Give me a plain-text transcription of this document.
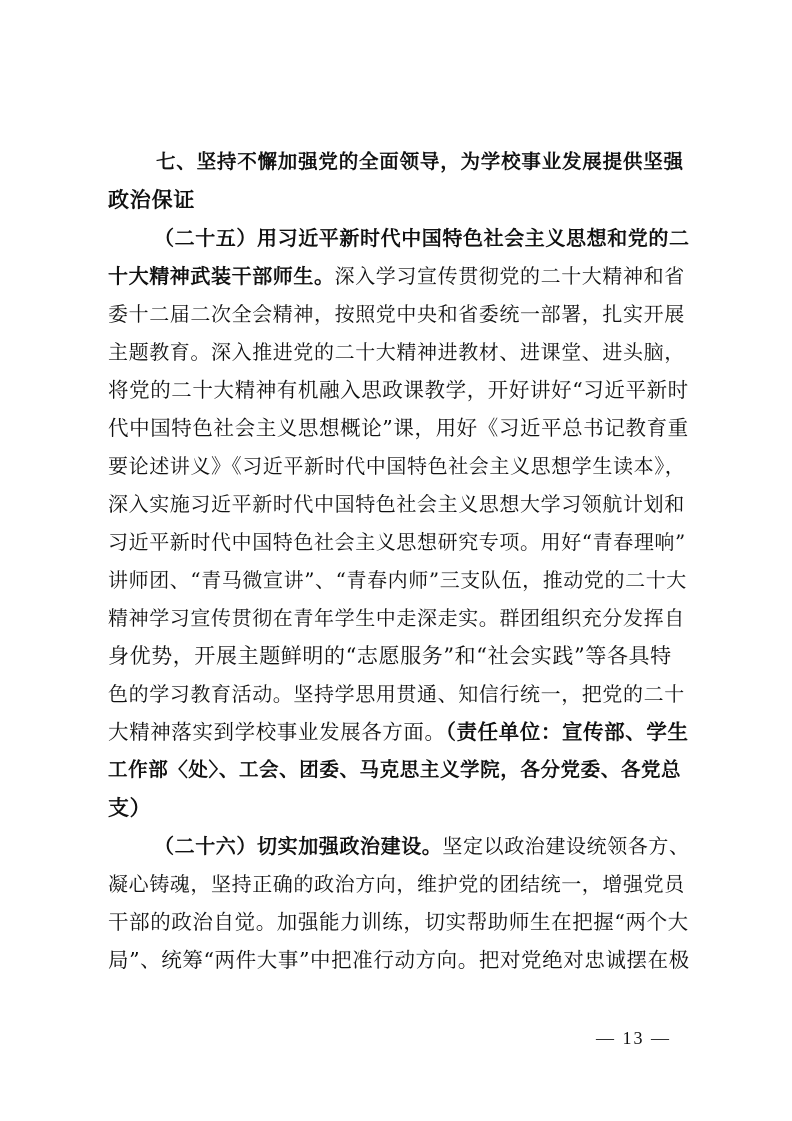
七、坚持不懈加强党的全面领导，为学校事业发展提供坚强
政治保证
（二十五）用习近平新时代中国特色社会主义思想和党的二
十大精神武装干部师生。深入学习宣传贯彻党的二十大精神和省
委十二届二次全会精神，按照党中央和省委统一部署，扎实开展
主题教育。深入推进党的二十大精神进教材、进课堂、进头脑，
将党的二十大精神有机融入思政课教学，开好讲好“习近平新时
代中国特色社会主义思想概论”课，用好《习近平总书记教育重
要论述讲义》《习近平新时代中国特色社会主义思想学生读本》，
深入实施习近平新时代中国特色社会主义思想大学习领航计划和
习近平新时代中国特色社会主义思想研究专项。用好“青春理响”
讲师团、“青马微宣讲”、“青春内师”三支队伍，推动党的二十大
精神学习宣传贯彻在青年学生中走深走实。群团组织充分发挥自
身优势，开展主题鲜明的“志愿服务”和“社会实践”等各具特
色的学习教育活动。坚持学思用贯通、知信行统一，把党的二十
大精神落实到学校事业发展各方面。（责任单位：宣传部、学生
工作部〈处〉、工会、团委、马克思主义学院，各分党委、各党总
支）
（二十六）切实加强政治建设。坚定以政治建设统领各方、
凝心铸魂，坚持正确的政治方向，维护党的团结统一，增强党员
干部的政治自觉。加强能力训练，切实帮助师生在把握“两个大
局”、统筹“两件大事”中把准行动方向。把对党绝对忠诚摆在极
— 13 —
